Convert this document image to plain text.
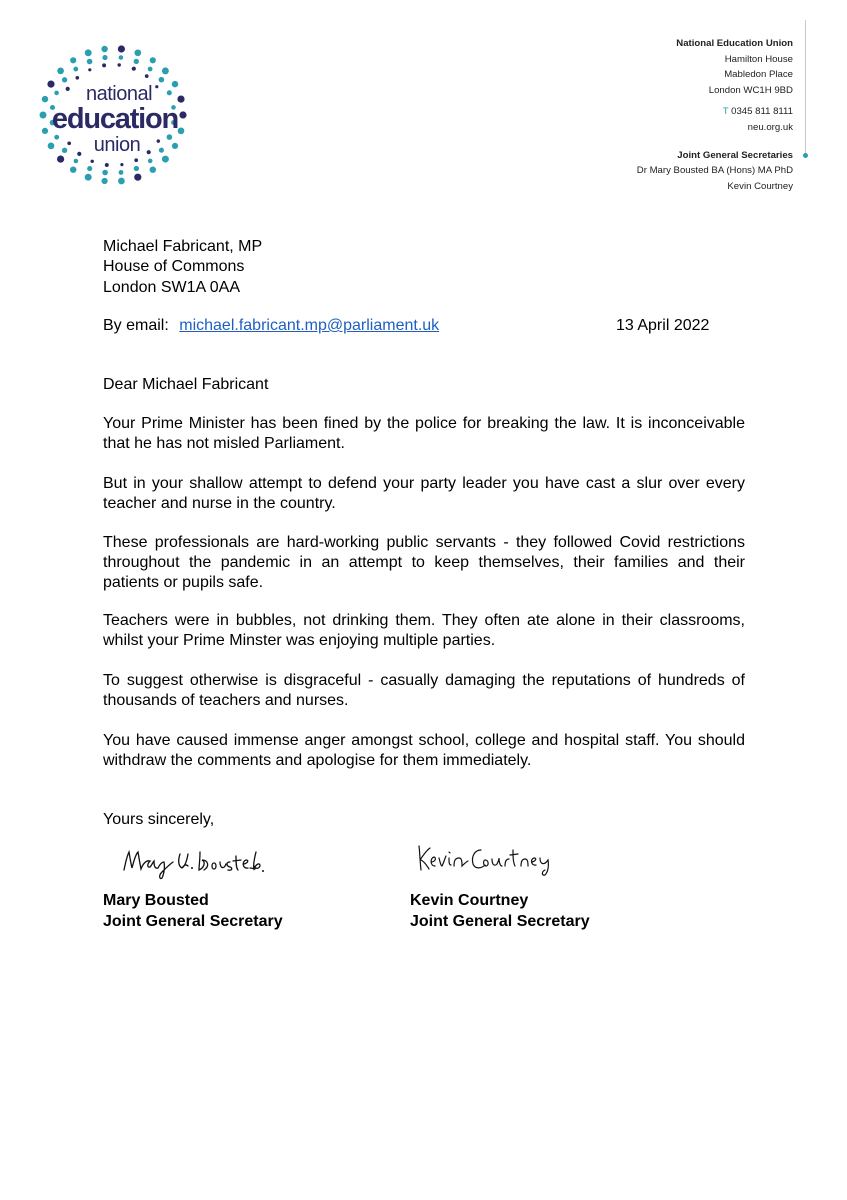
national
education
union
National Education Union
Hamilton House
Mabledon Place
London WC1H 9BD
T 0345 811 8111
neu.org.uk
Joint General Secretaries
Dr Mary Bousted BA (Hons) MA PhD
Kevin Courtney
Michael Fabricant, MP
House of Commons
London SW1A 0AA
By email: michael.fabricant.mp@parliament.uk	13 April 2022
Dear Michael Fabricant
Your Prime Minister has been fined by the police for breaking the law. It is inconceivable that he has not misled Parliament.
But in your shallow attempt to defend your party leader you have cast a slur over every teacher and nurse in the country.
These professionals are hard-working public servants - they followed Covid restrictions throughout the pandemic in an attempt to keep themselves, their families and their patients or pupils safe.
Teachers were in bubbles, not drinking them. They often ate alone in their classrooms, whilst your Prime Minster was enjoying multiple parties.
To suggest otherwise is disgraceful - casually damaging the reputations of hundreds of thousands of teachers and nurses.
You have caused immense anger amongst school, college and hospital staff. You should withdraw the comments and apologise for them immediately.
Yours sincerely,
Mary Bousted
Joint General Secretary
Kevin Courtney
Joint General Secretary
